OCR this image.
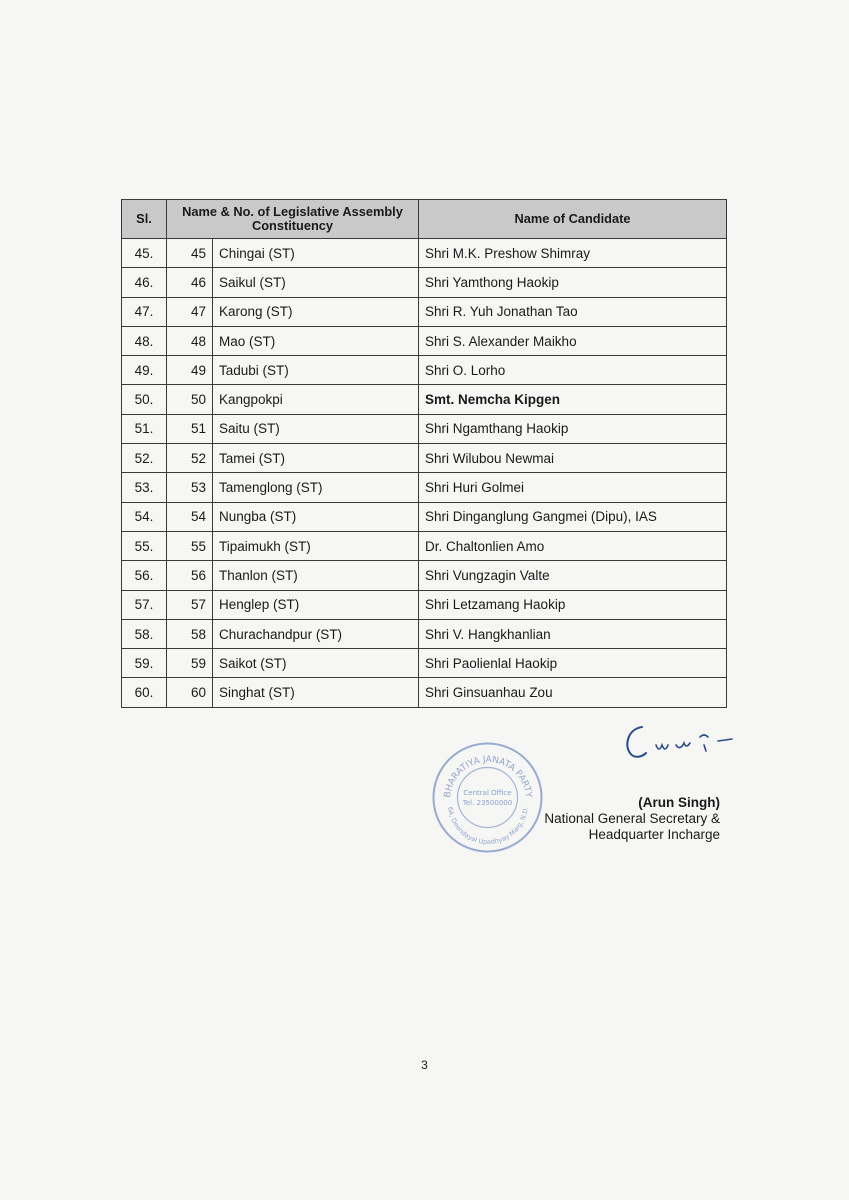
Sl.	Name & No. of Legislative Assembly Constituency		Name of Candidate
45.	45	Chingai (ST)	Shri M.K. Preshow Shimray
46.	46	Saikul (ST)	Shri Yamthong Haokip
47.	47	Karong (ST)	Shri R. Yuh Jonathan Tao
48.	48	Mao (ST)	Shri S. Alexander Maikho
49.	49	Tadubi (ST)	Shri O. Lorho
50.	50	Kangpokpi	Smt. Nemcha Kipgen
51.	51	Saitu (ST)	Shri Ngamthang Haokip
52.	52	Tamei (ST)	Shri Wilubou Newmai
53.	53	Tamenglong (ST)	Shri Huri Golmei
54.	54	Nungba (ST)	Shri Dinganglung Gangmei (Dipu), IAS
55.	55	Tipaimukh (ST)	Dr. Chaltonlien Amo
56.	56	Thanlon (ST)	Shri Vungzagin Valte
57.	57	Henglep (ST)	Shri Letzamang Haokip
58.	58	Churachandpur (ST)	Shri V. Hangkhanlian
59.	59	Saikot (ST)	Shri Paolienlal Haokip
60.	60	Singhat (ST)	Shri Ginsuanhau Zou
BHARATIYA JANATA PARTY
6A, Deendayal Upadhyay Marg, N.D.
Central Office
Tel. 23500000	(Arun Singh)
National General Secretary &
Headquarter Incharge
3
